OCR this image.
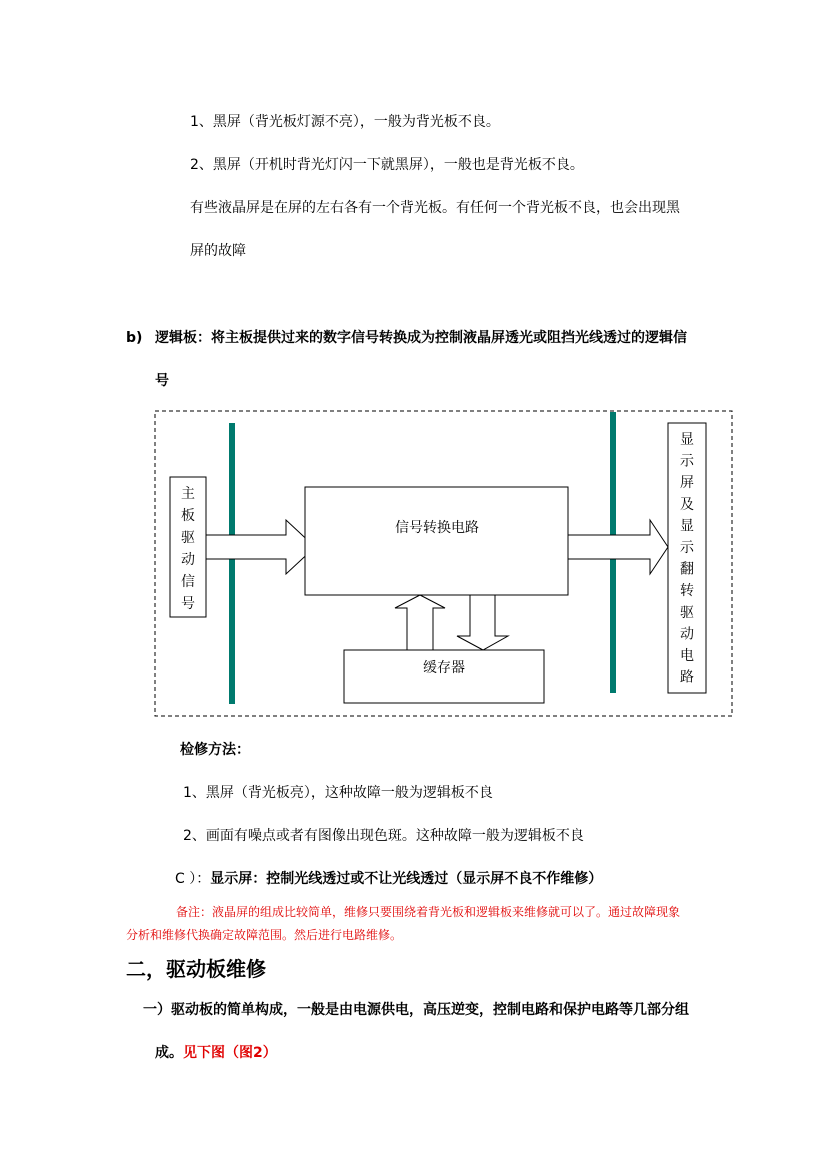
1、黑屏（背光板灯源不亮），一般为背光板不良。
2、黑屏（开机时背光灯闪一下就黑屏），一般也是背光板不良。
有些液晶屏是在屏的左右各有一个背光板。有任何一个背光板不良，也会出现黑
屏的故障
b) 逻辑板：将主板提供过来的数字信号转换成为控制液晶屏透光或阻挡光线透过的逻辑信
号
信号转换电路
缓存器
主
板
驱
动
信
号
显
示
屏
及
显
示
翻
转
驱
动
电
路
检修方法：
1、黑屏（背光板亮），这种故障一般为逻辑板不良
2、画面有噪点或者有图像出现色斑。这种故障一般为逻辑板不良
C ）：显示屏：控制光线透过或不让光线透过（显示屏不良不作维修）
备注：液晶屏的组成比较简单，维修只要围绕着背光板和逻辑板来维修就可以了。通过故障现象
分析和维修代换确定故障范围。然后进行电路维修。
二，驱动板维修
一）驱动板的简单构成，一般是由电源供电，高压逆变，控制电路和保护电路等几部分组
成。见下图（图2）
